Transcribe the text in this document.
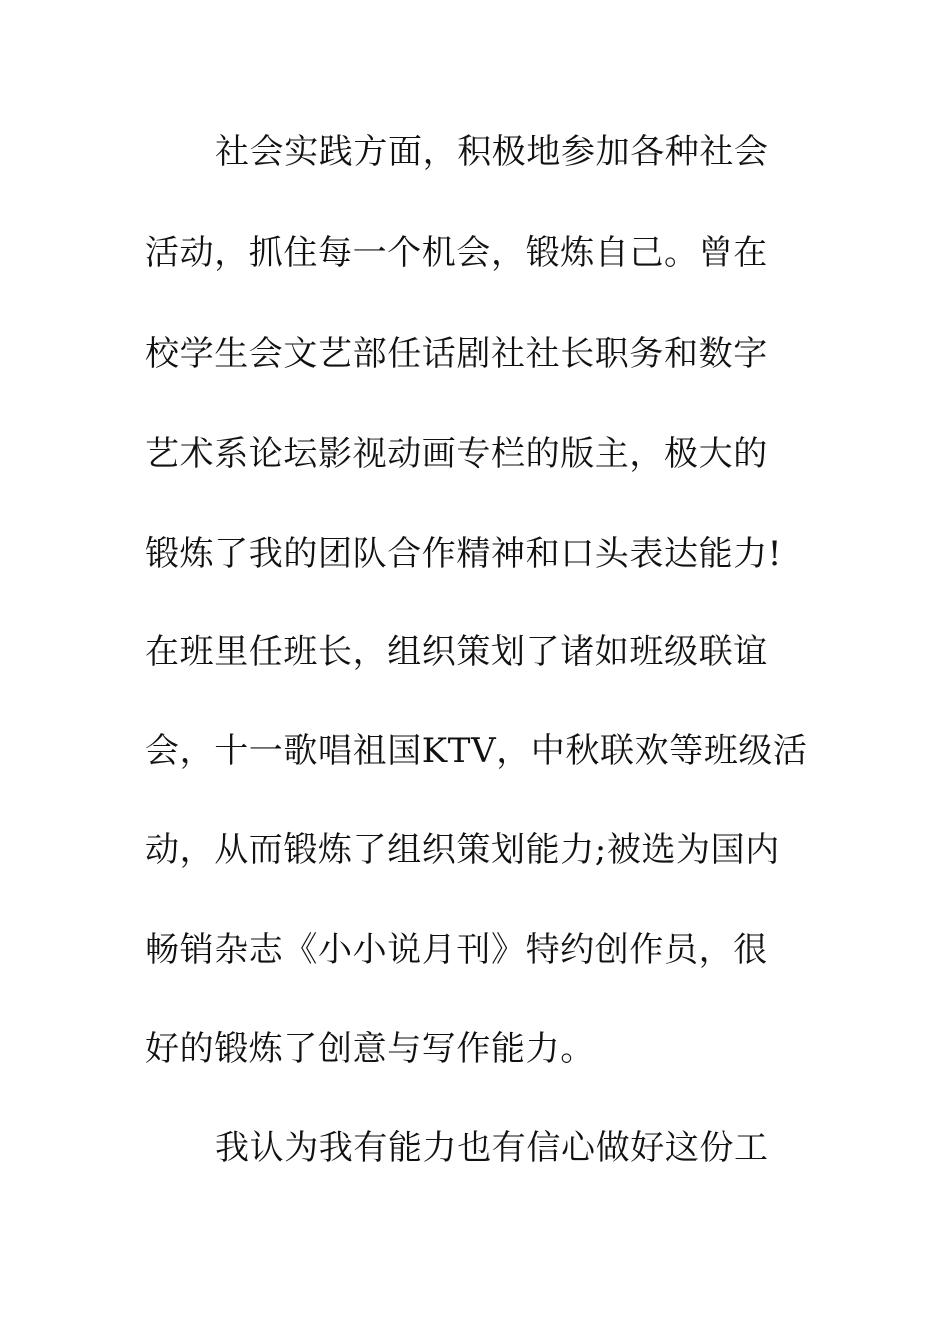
社会实践方面，积极地参加各种社会
活动，抓住每一个机会，锻炼自己。曾在
校学生会文艺部任话剧社社长职务和数字
艺术系论坛影视动画专栏的版主，极大的
锻炼了我的团队合作精神和口头表达能力!
在班里任班长，组织策划了诸如班级联谊
会，十一歌唱祖国KTV，中秋联欢等班级活
动，从而锻炼了组织策划能力;被选为国内
畅销杂志《小小说月刊》特约创作员，很
好的锻炼了创意与写作能力。
我认为我有能力也有信心做好这份工
